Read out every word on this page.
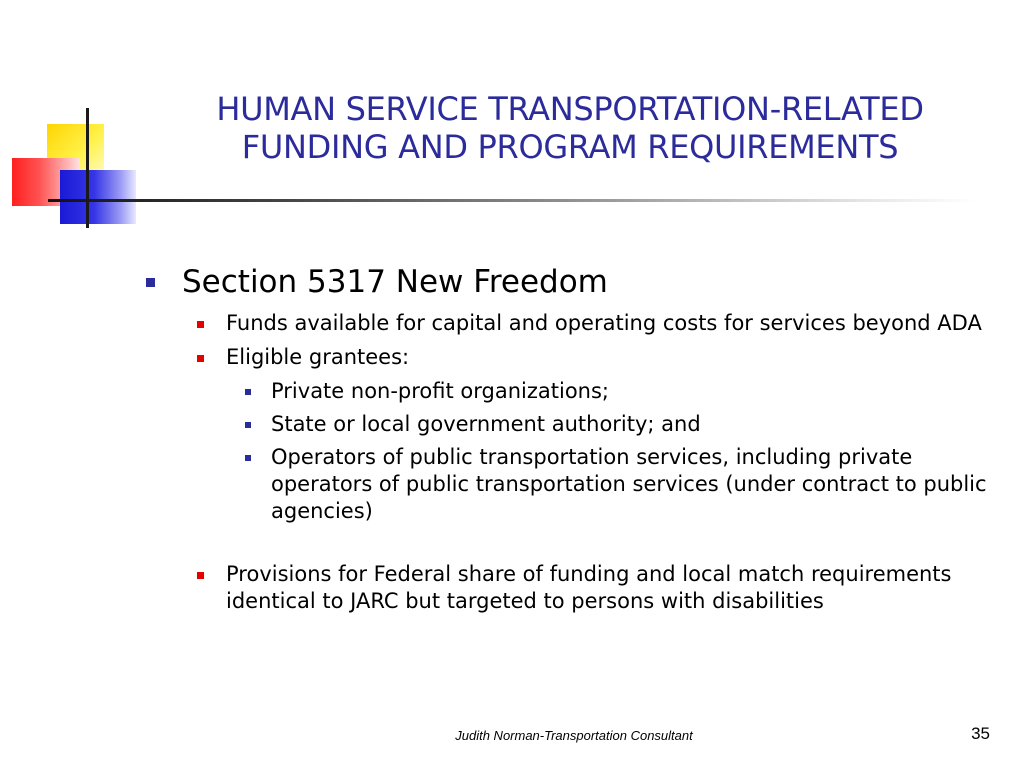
HUMAN SERVICE TRANSPORTATION-RELATED
FUNDING AND PROGRAM REQUIREMENTS
Section 5317 New Freedom
Funds available for capital and operating costs for services beyond ADA
Eligible grantees:
Private non-profit organizations;
State or local government authority; and
Operators of public transportation services, including private operators of public transportation services (under contract to public agencies)
Provisions for Federal share of funding and local match requirements identical to JARC but targeted to persons with disabilities
Judith Norman-Transportation Consultant	35
